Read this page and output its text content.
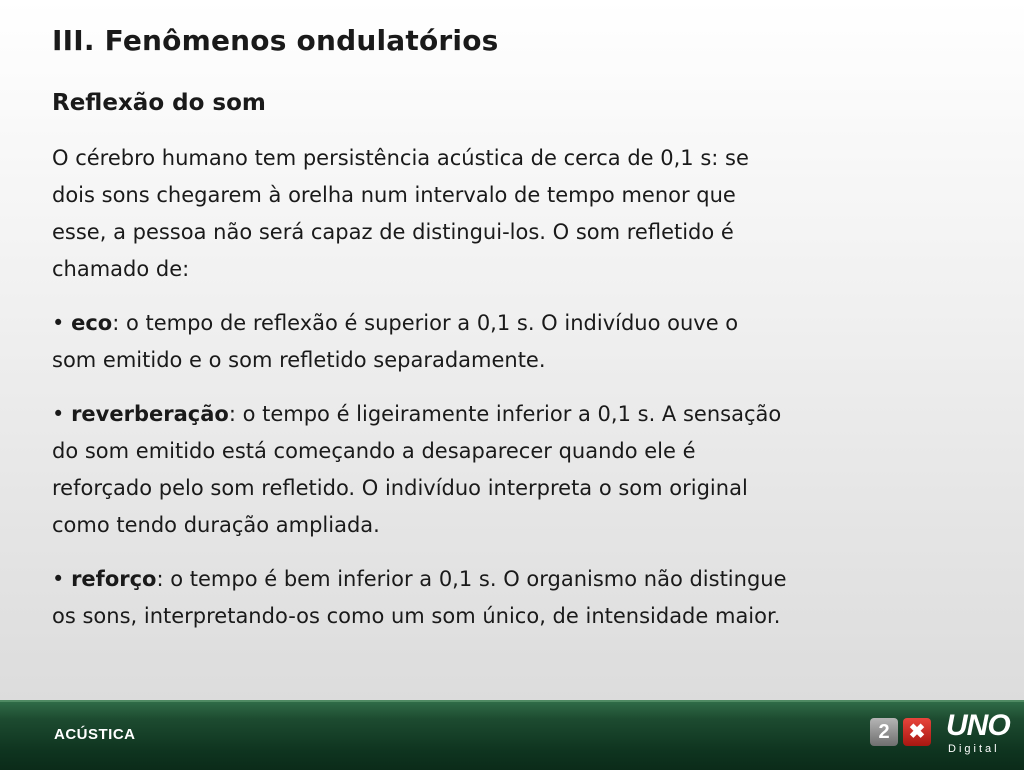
III. Fenômenos ondulatórios
Reflexão do som
O cérebro humano tem persistência acústica de cerca de 0,1 s: se
dois sons chegarem à orelha num intervalo de tempo menor que
esse, a pessoa não será capaz de distingui-los. O som refletido é
chamado de:
• eco: o tempo de reflexão é superior a 0,1 s. O indivíduo ouve o
som emitido e o som refletido separadamente.
• reverberação: o tempo é ligeiramente inferior a 0,1 s. A sensação
do som emitido está começando a desaparecer quando ele é
reforçado pelo som refletido. O indivíduo interpreta o som original
como tendo duração ampliada.
• reforço: o tempo é bem inferior a 0,1 s. O organismo não distingue
os sons, interpretando-os como um som único, de intensidade maior.
ACÚSTICA	2 ✖ UNO
Digital
